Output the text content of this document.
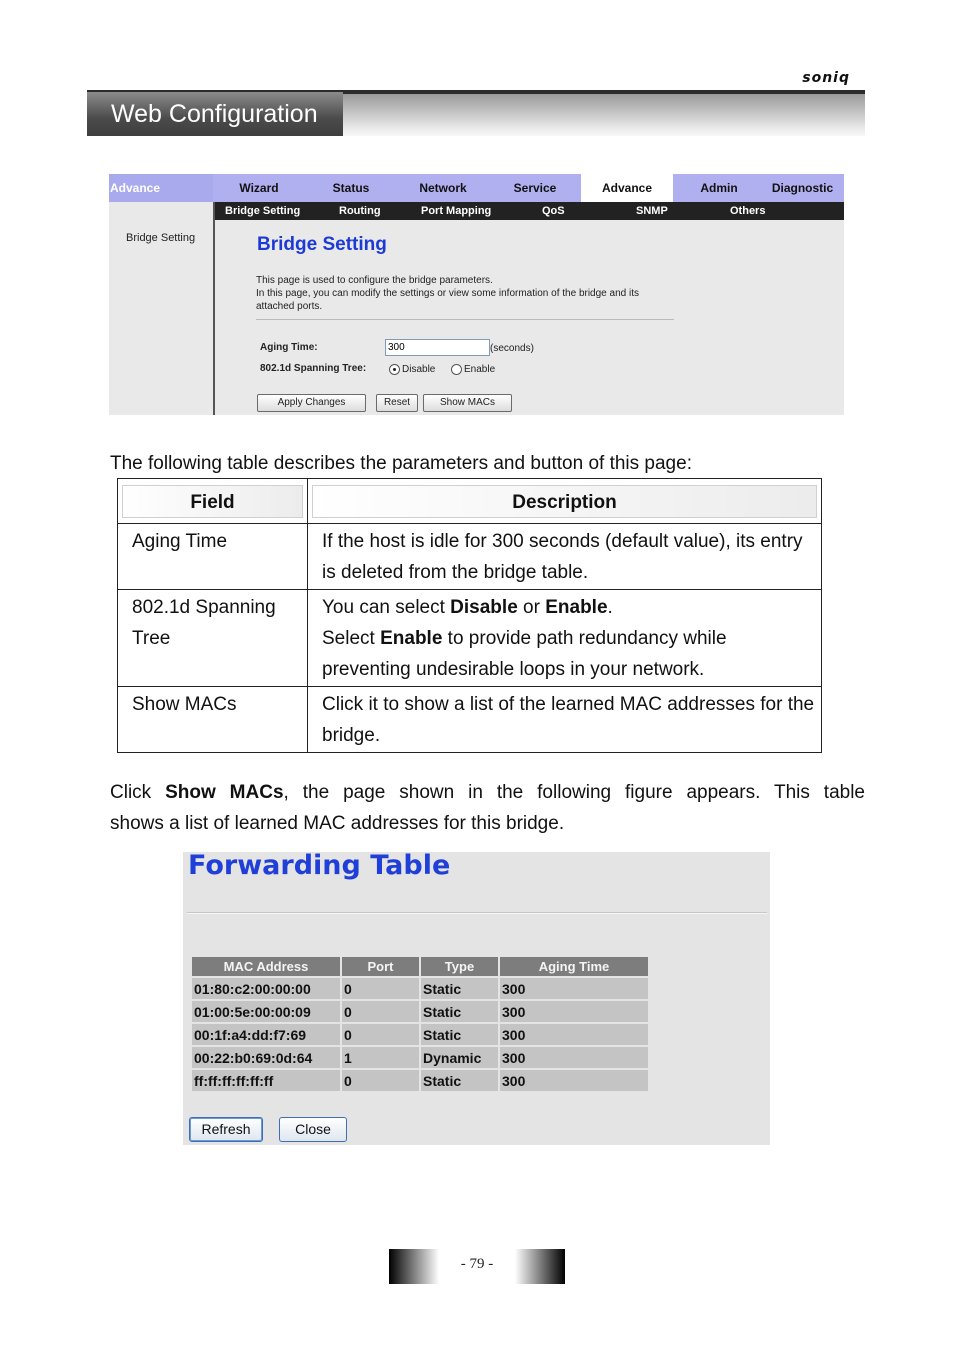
soniq
Web Configuration
Advance	Wizard	Status	Network	Service	Advance	Admin	Diagnostic
Bridge Setting	Routing	Port Mapping	QoS	SNMP	Others
Bridge Setting	Bridge Setting
This page is used to configure the bridge parameters.
In this page, you can modify the settings or view some information of the bridge and its
attached ports.
Aging Time:	300	(seconds)
802.1d Spanning Tree:	Disable	Enable
Apply Changes	Reset	Show MACs
The following table describes the parameters and button of this page:
Field	Description

Aging Time	If the host is idle for 300 seconds (default value), its entry is deleted from the bridge table.
802.1d Spanning Tree	You can select Disable or Enable.
Select Enable to provide path redundancy while preventing undesirable loops in your network.
Show MACs	Click it to show a list of the learned MAC addresses for the bridge.
Click Show MACs, the page shown in the following figure appears. This table
shows a list of learned MAC addresses for this bridge.
Forwarding Table
MAC Address	Port	Type	Aging Time
01:80:c2:00:00:00	0	Static	300
01:00:5e:00:00:09	0	Static	300
00:1f:a4:dd:f7:69	0	Static	300
00:22:b0:69:0d:64	1	Dynamic	300
ff:ff:ff:ff:ff:ff	0	Static	300
Refresh	Close
- 79 -
